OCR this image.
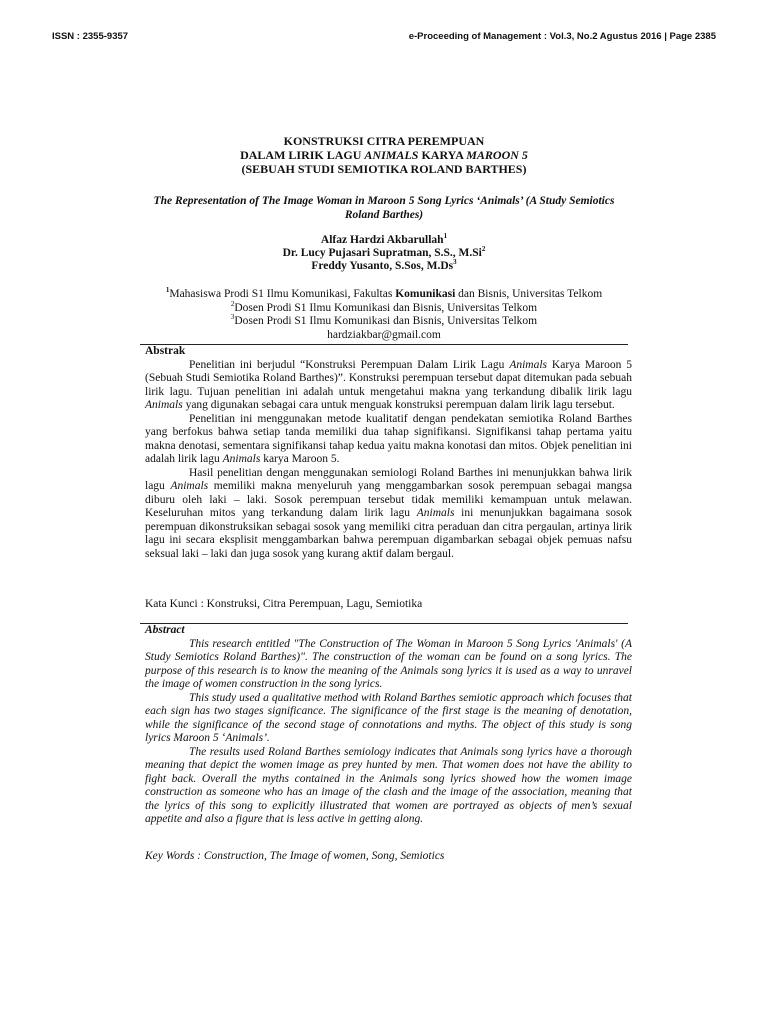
ISSN : 2355-9357	e-Proceeding of Management : Vol.3, No.2 Agustus 2016 | Page 2385
KONSTRUKSI CITRA PEREMPUAN
DALAM LIRIK LAGU ANIMALS KARYA MAROON 5
(SEBUAH STUDI SEMIOTIKA ROLAND BARTHES)
The Representation of The Image Woman in Maroon 5 Song Lyrics ‘Animals’ (A Study Semiotics Roland Barthes)
Alfaz Hardzi Akbarullah$^1$
Dr. Lucy Pujasari Supratman, S.S., M.Si$^2$
Freddy Yusanto, S.Sos, M.Ds$^3$
$^1$Mahasiswa Prodi S1 Ilmu Komunikasi, Fakultas Komunikasi dan Bisnis, Universitas Telkom
$^2$Dosen Prodi S1 Ilmu Komunikasi dan Bisnis, Universitas Telkom
$^3$Dosen Prodi S1 Ilmu Komunikasi dan Bisnis, Universitas Telkom
hardziakbar@gmail.com
Abstrak

Penelitian ini berjudul “Konstruksi Perempuan Dalam Lirik Lagu Animals Karya Maroon 5 (Sebuah Studi Semiotika Roland Barthes)”. Konstruksi perempuan tersebut dapat ditemukan pada sebuah lirik lagu. Tujuan penelitian ini adalah untuk mengetahui makna yang terkandung dibalik lirik lagu Animals yang digunakan sebagai cara untuk menguak konstruksi perempuan dalam lirik lagu tersebut.

Penelitian ini menggunakan metode kualitatif dengan pendekatan semiotika Roland Barthes yang berfokus bahwa setiap tanda memiliki dua tahap signifikansi. Signifikansi tahap pertama yaitu makna denotasi, sementara signifikansi tahap kedua yaitu makna konotasi dan mitos. Objek penelitian ini adalah lirik lagu Animals karya Maroon 5.

Hasil penelitian dengan menggunakan semiologi Roland Barthes ini menunjukkan bahwa lirik lagu Animals memiliki makna menyeluruh yang menggambarkan sosok perempuan sebagai mangsa diburu oleh laki – laki. Sosok perempuan tersebut tidak memiliki kemampuan untuk melawan. Keseluruhan mitos yang terkandung dalam lirik lagu Animals ini menunjukkan bagaimana sosok perempuan dikonstruksikan sebagai sosok yang memiliki citra peraduan dan citra pergaulan, artinya lirik lagu ini secara eksplisit menggambarkan bahwa perempuan digambarkan sebagai objek pemuas nafsu seksual laki – laki dan juga sosok yang kurang aktif dalam bergaul.

Kata Kunci : Konstruksi, Citra Perempuan, Lagu, Semiotika
Abstract

This research entitled "The Construction of The Woman in Maroon 5 Song Lyrics 'Animals' (A Study Semiotics Roland Barthes)". The construction of the woman can be found on a song lyrics. The purpose of this research is to know the meaning of the Animals song lyrics it is used as a way to unravel the image of women construction in the song lyrics.

This study used a qualitative method with Roland Barthes semiotic approach which focuses that each sign has two stages significance. The significance of the first stage is the meaning of denotation, while the significance of the second stage of connotations and myths. The object of this study is song lyrics Maroon 5 ‘Animals’.

The results used Roland Barthes semiology indicates that Animals song lyrics have a thorough meaning that depict the women image as prey hunted by men. That women does not have the ability to fight back. Overall the myths contained in the Animals song lyrics showed how the women image construction as someone who has an image of the clash and the image of the association, meaning that the lyrics of this song to explicitly illustrated that women are portrayed as objects of men’s sexual appetite and also a figure that is less active in getting along.

Key Words : Construction, The Image of women, Song, Semiotics
